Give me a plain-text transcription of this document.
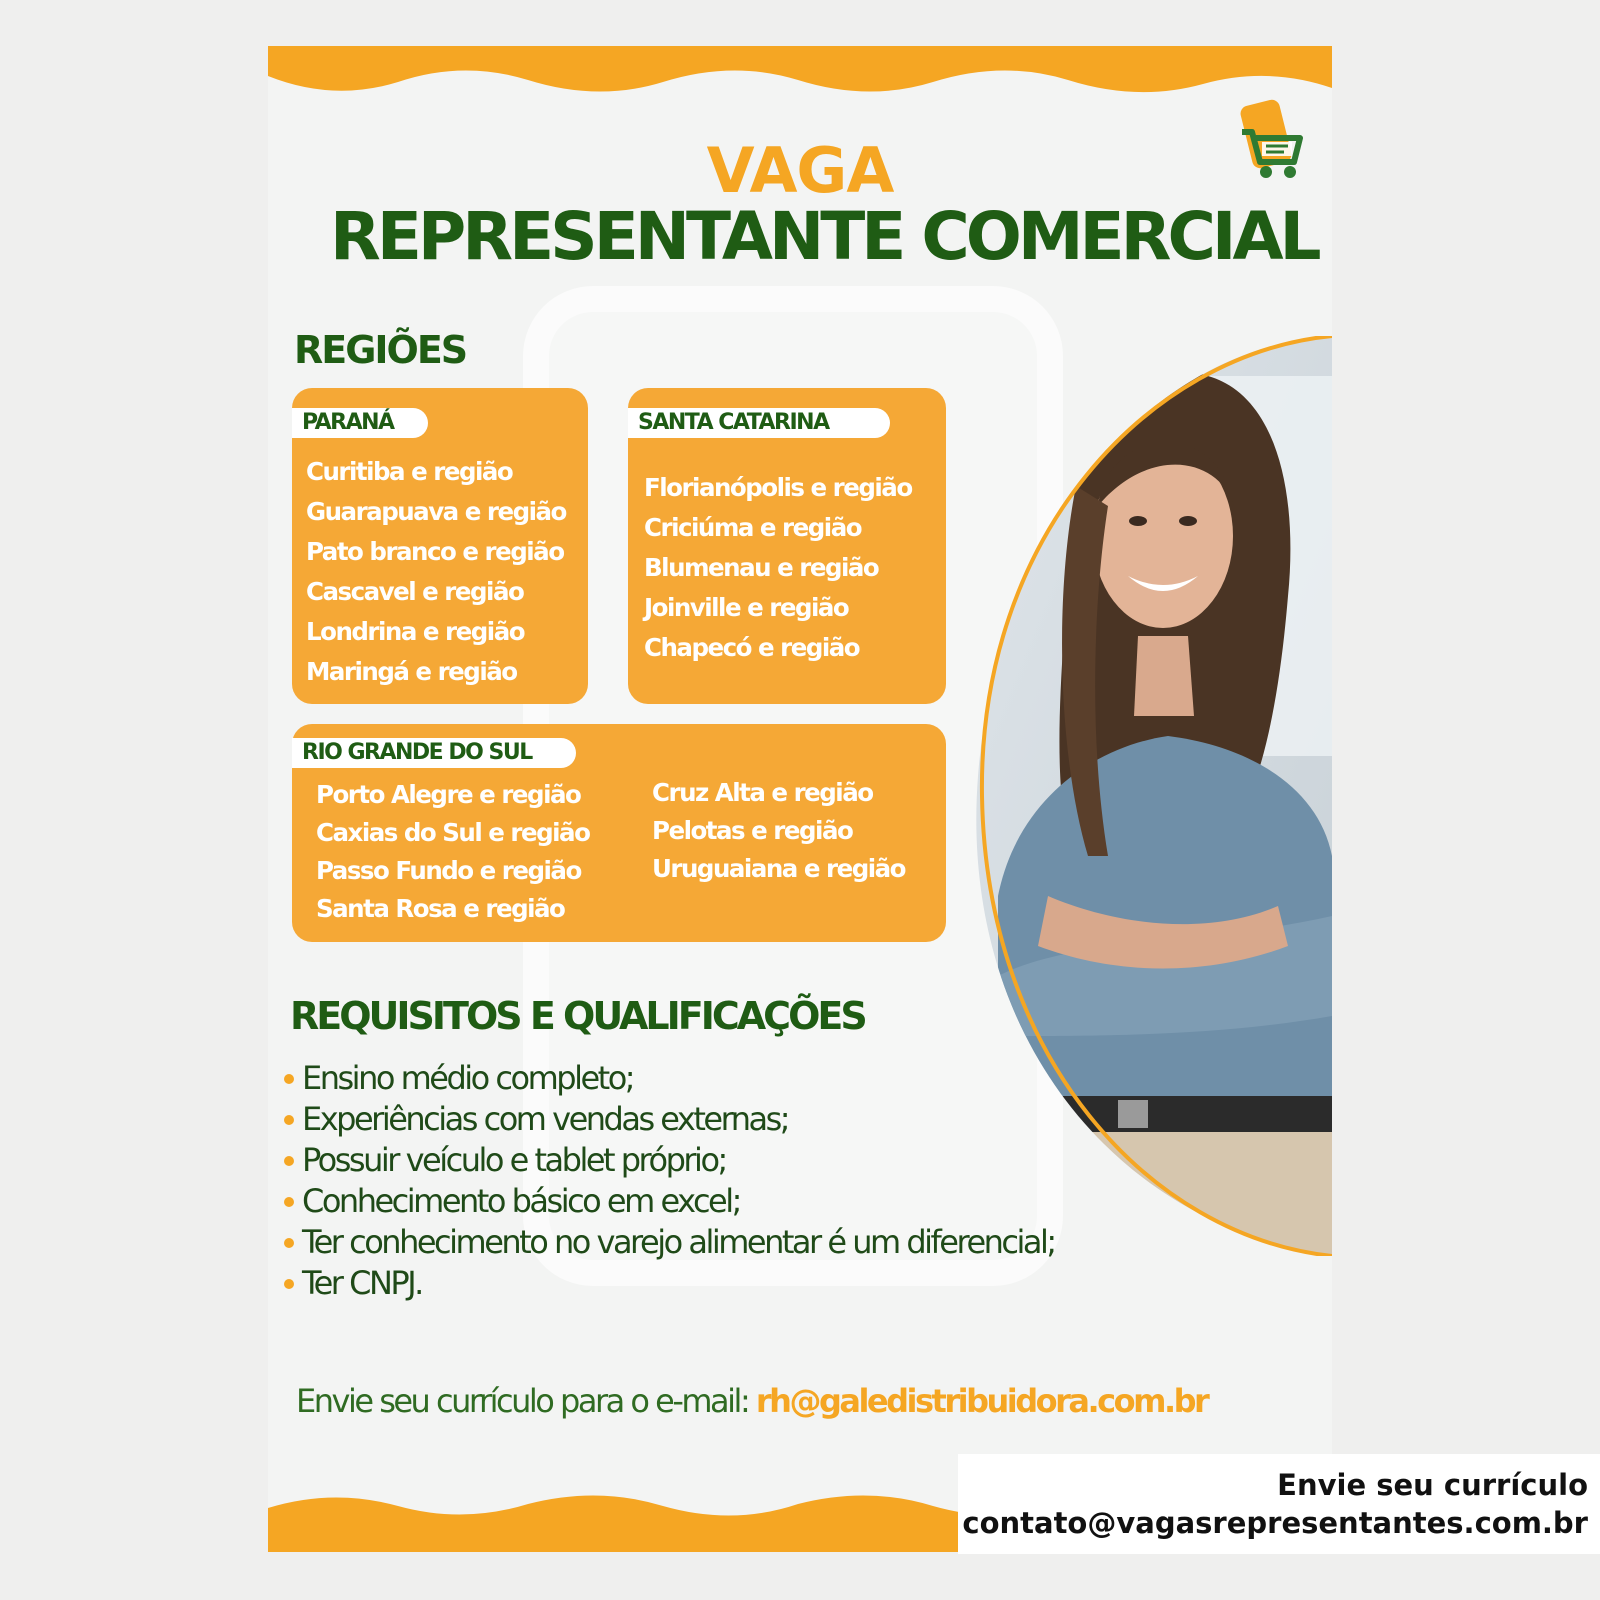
VAGA
REPRESENTANTE COMERCIAL
REGIÕES
PARANÁ
Curitiba e região
Guarapuava e região
Pato branco e região
Cascavel e região
Londrina e região
Maringá e região
SANTA CATARINA
Florianópolis e região
Criciúma e região
Blumenau e região
Joinville e região
Chapecó e região
RIO GRANDE DO SUL
Porto Alegre e região
Caxias do Sul e região
Passo Fundo e região
Santa Rosa e região
Cruz Alta e região
Pelotas e região
Uruguaiana e região
REQUISITOS E QUALIFICAÇÕES
Ensino médio completo;
Experiências com vendas externas;
Possuir veículo e tablet próprio;
Conhecimento básico em excel;
Ter conhecimento no varejo alimentar é um diferencial;
Ter CNPJ.
Envie seu currículo para o e-mail: rh@galedistribuidora.com.br
Envie seu currículo
contato@vagasrepresentantes.com.br
